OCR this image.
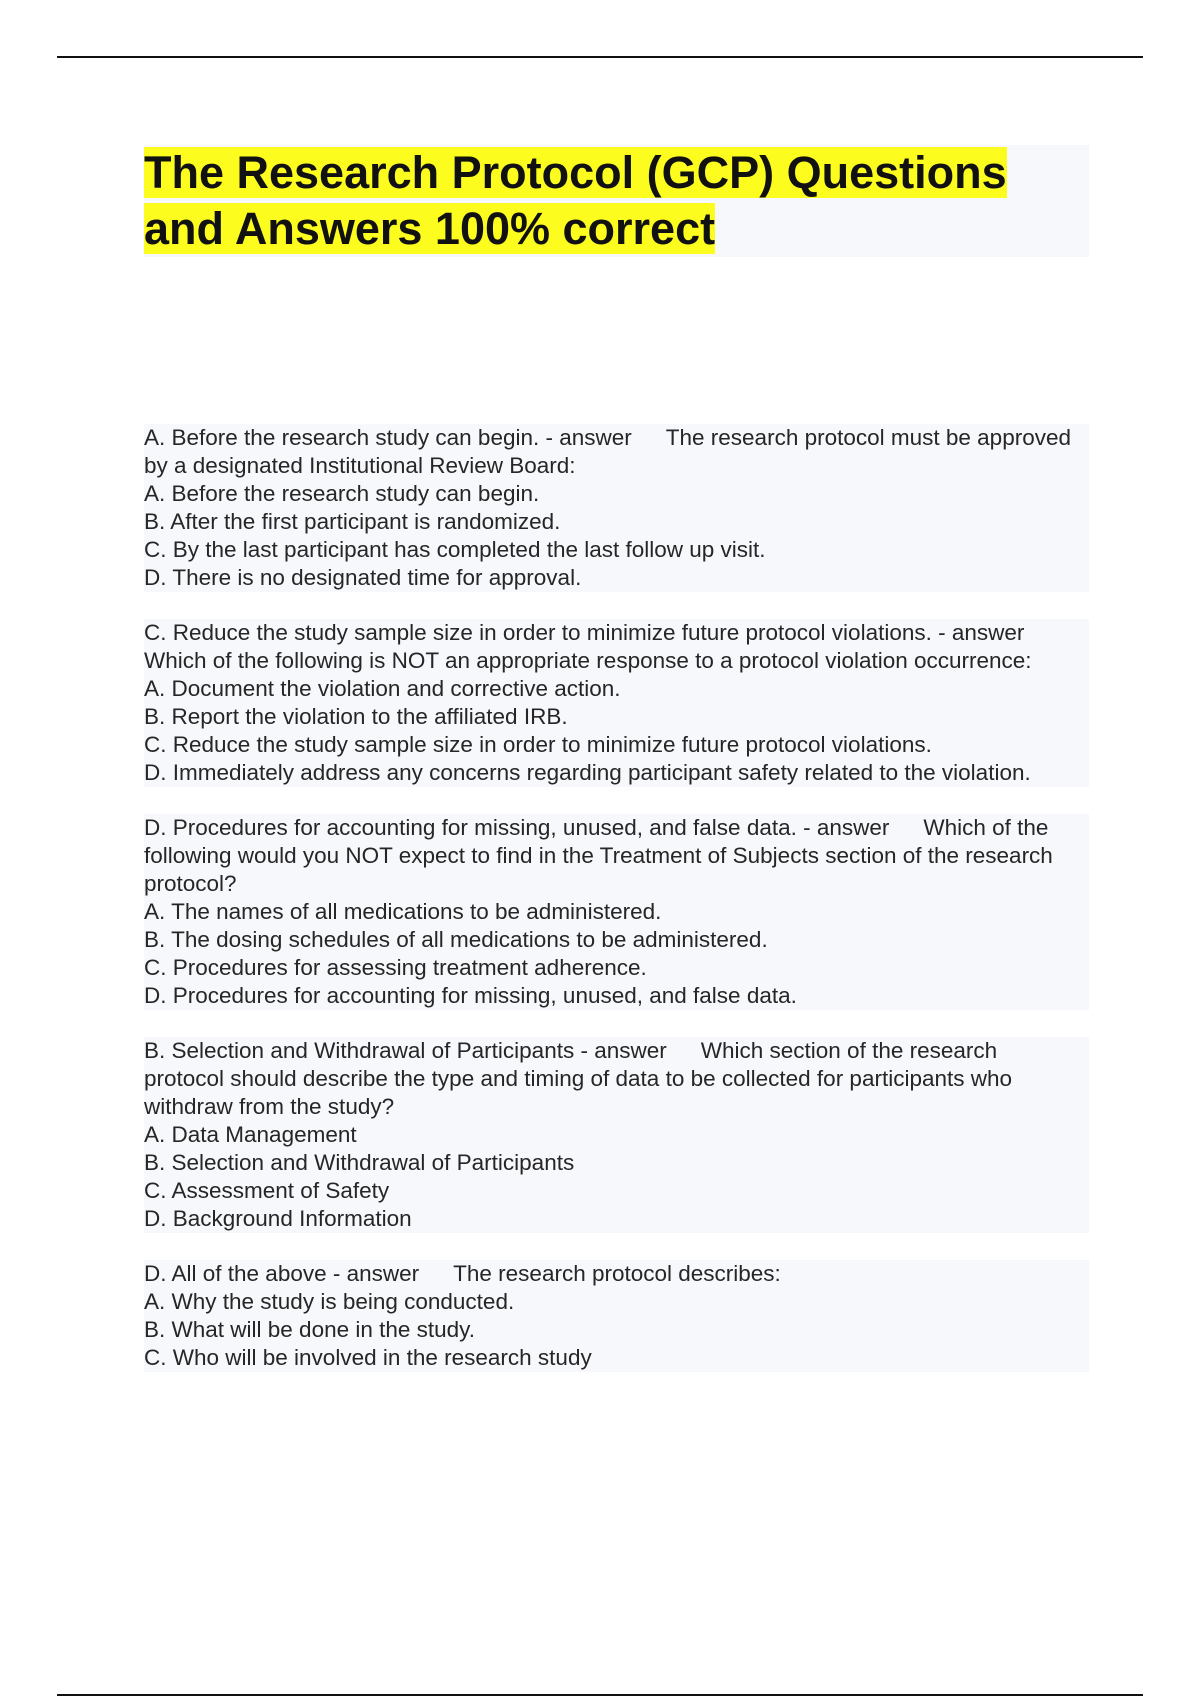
The Research Protocol (GCP) Questions and Answers 100% correct

A. Before the research study can begin. - answer The research protocol must be approved by a designated Institutional Review Board:

A. Before the research study can begin.

B. After the first participant is randomized.

C. By the last participant has completed the last follow up visit.

D. There is no designated time for approval.

C. Reduce the study sample size in order to minimize future protocol violations. - answerWhich of the following is NOT an appropriate response to a protocol violation occurrence:

A. Document the violation and corrective action.

B. Report the violation to the affiliated IRB.

C. Reduce the study sample size in order to minimize future protocol violations.

D. Immediately address any concerns regarding participant safety related to the violation.

D. Procedures for accounting for missing, unused, and false data. - answer Which of the following would you NOT expect to find in the Treatment of Subjects section of the research protocol?

A. The names of all medications to be administered.

B. The dosing schedules of all medications to be administered.

C. Procedures for assessing treatment adherence.

D. Procedures for accounting for missing, unused, and false data.

B. Selection and Withdrawal of Participants - answer Which section of the research protocol should describe the type and timing of data to be collected for participants who withdraw from the study?

A. Data Management

B. Selection and Withdrawal of Participants

C. Assessment of Safety

D. Background Information

D. All of the above - answer The research protocol describes:

A. Why the study is being conducted.

B. What will be done in the study.

C. Who will be involved in the research study
